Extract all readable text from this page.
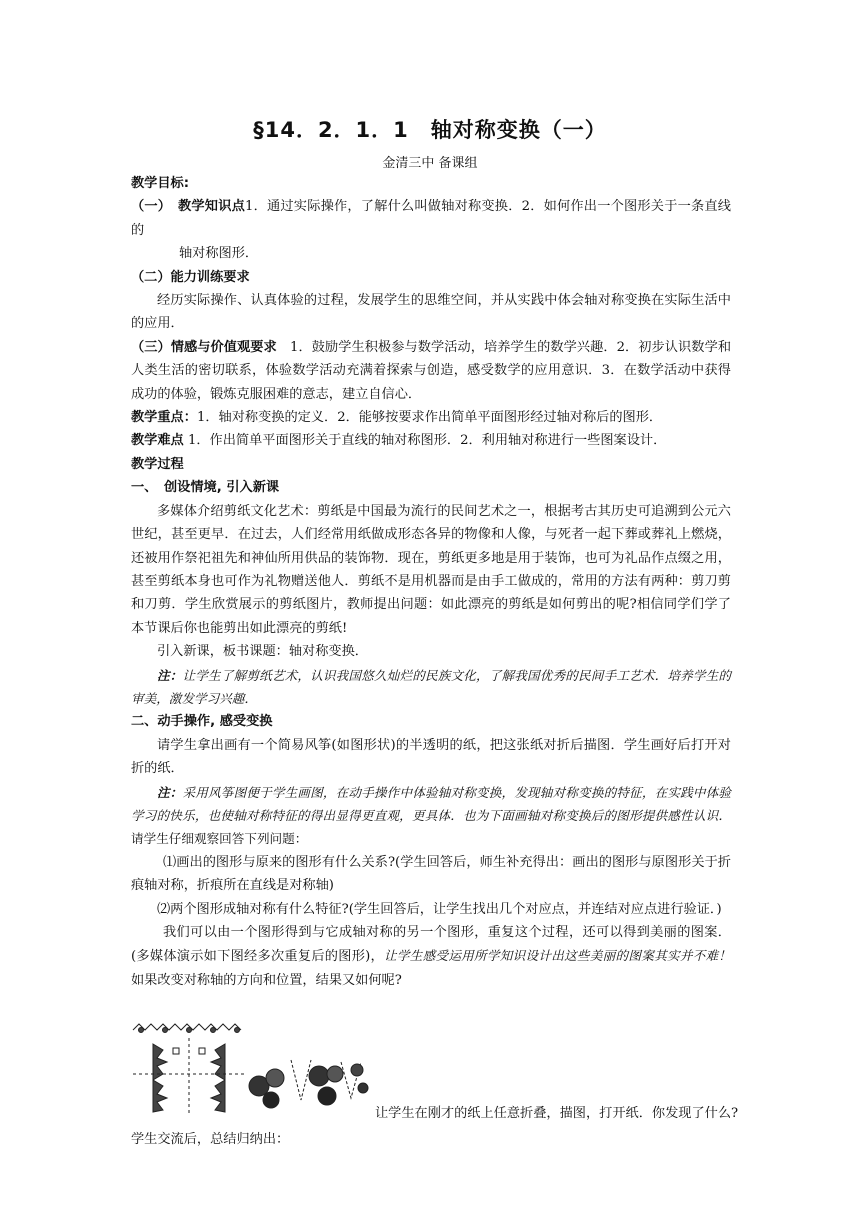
§14．2．1．1　轴对称变换（一）
金清三中 备课组

教学目标:

（一）　教学知识点1．通过实际操作，了解什么叫做轴对称变换．2．如何作出一个图形关于一条直线的

轴对称图形．

（二）能力训练要求

经历实际操作、认真体验的过程，发展学生的思维空间，并从实践中体会轴对称变换在实际生活中的应用．

（三）情感与价值观要求　1．鼓励学生积极参与数学活动，培养学生的数学兴趣．2．初步认识数学和人类生活的密切联系，体验数学活动充满着探索与创造，感受数学的应用意识．3．在数学活动中获得成功的体验，锻炼克服困难的意志，建立自信心．

教学重点：1．轴对称变换的定义．2．能够按要求作出简单平面图形经过轴对称后的图形．

教学难点 1．作出简单平面图形关于直线的轴对称图形．2．利用轴对称进行一些图案设计．

教学过程

一、　创设情境, 引入新课

多媒体介绍剪纸文化艺术：剪纸是中国最为流行的民间艺术之一，根据考古其历史可追溯到公元六世纪，甚至更早．在过去，人们经常用纸做成形态各异的物像和人像，与死者一起下葬或葬礼上燃烧，还被用作祭祀祖先和神仙所用供品的装饰物．现在，剪纸更多地是用于装饰，也可为礼品作点缀之用，甚至剪纸本身也可作为礼物赠送他人．剪纸不是用机器而是由手工做成的，常用的方法有两种：剪刀剪和刀剪．学生欣赏展示的剪纸图片，教师提出问题：如此漂亮的剪纸是如何剪出的呢?相信同学们学了本节课后你也能剪出如此漂亮的剪纸!

引入新课，板书课题：轴对称变换．

注：让学生了解剪纸艺术，认识我国悠久灿烂的民族文化，了解我国优秀的民间手工艺术．培养学生的审美，激发学习兴趣．

二、动手操作, 感受变换

请学生拿出画有一个简易风筝(如图形状)的半透明的纸，把这张纸对折后描图．学生画好后打开对折的纸．

注：采用风筝图便于学生画图，在动手操作中体验轴对称变换，发现轴对称变换的特征，在实践中体验学习的快乐，也使轴对称特征的得出显得更直观，更具体．也为下面画轴对称变换后的图形提供感性认识．请学生仔细观察回答下列问题：

⑴画出的图形与原来的图形有什么关系?(学生回答后，师生补充得出：画出的图形与原图形关于折痕轴对称，折痕所在直线是对称轴)

⑵两个图形成轴对称有什么特征?(学生回答后，让学生找出几个对应点，并连结对应点进行验证．)

我们可以由一个图形得到与它成轴对称的另一个图形，重复这个过程，还可以得到美丽的图案．(多媒体演示如下图经多次重复后的图形)，让学生感受运用所学知识设计出这些美丽的图案其实并不难！如果改变对称轴的方向和位置，结果又如何呢?

让学生在刚才的纸上任意折叠，描图，打开纸．你发现了什么?

学生交流后，总结归纳出：
